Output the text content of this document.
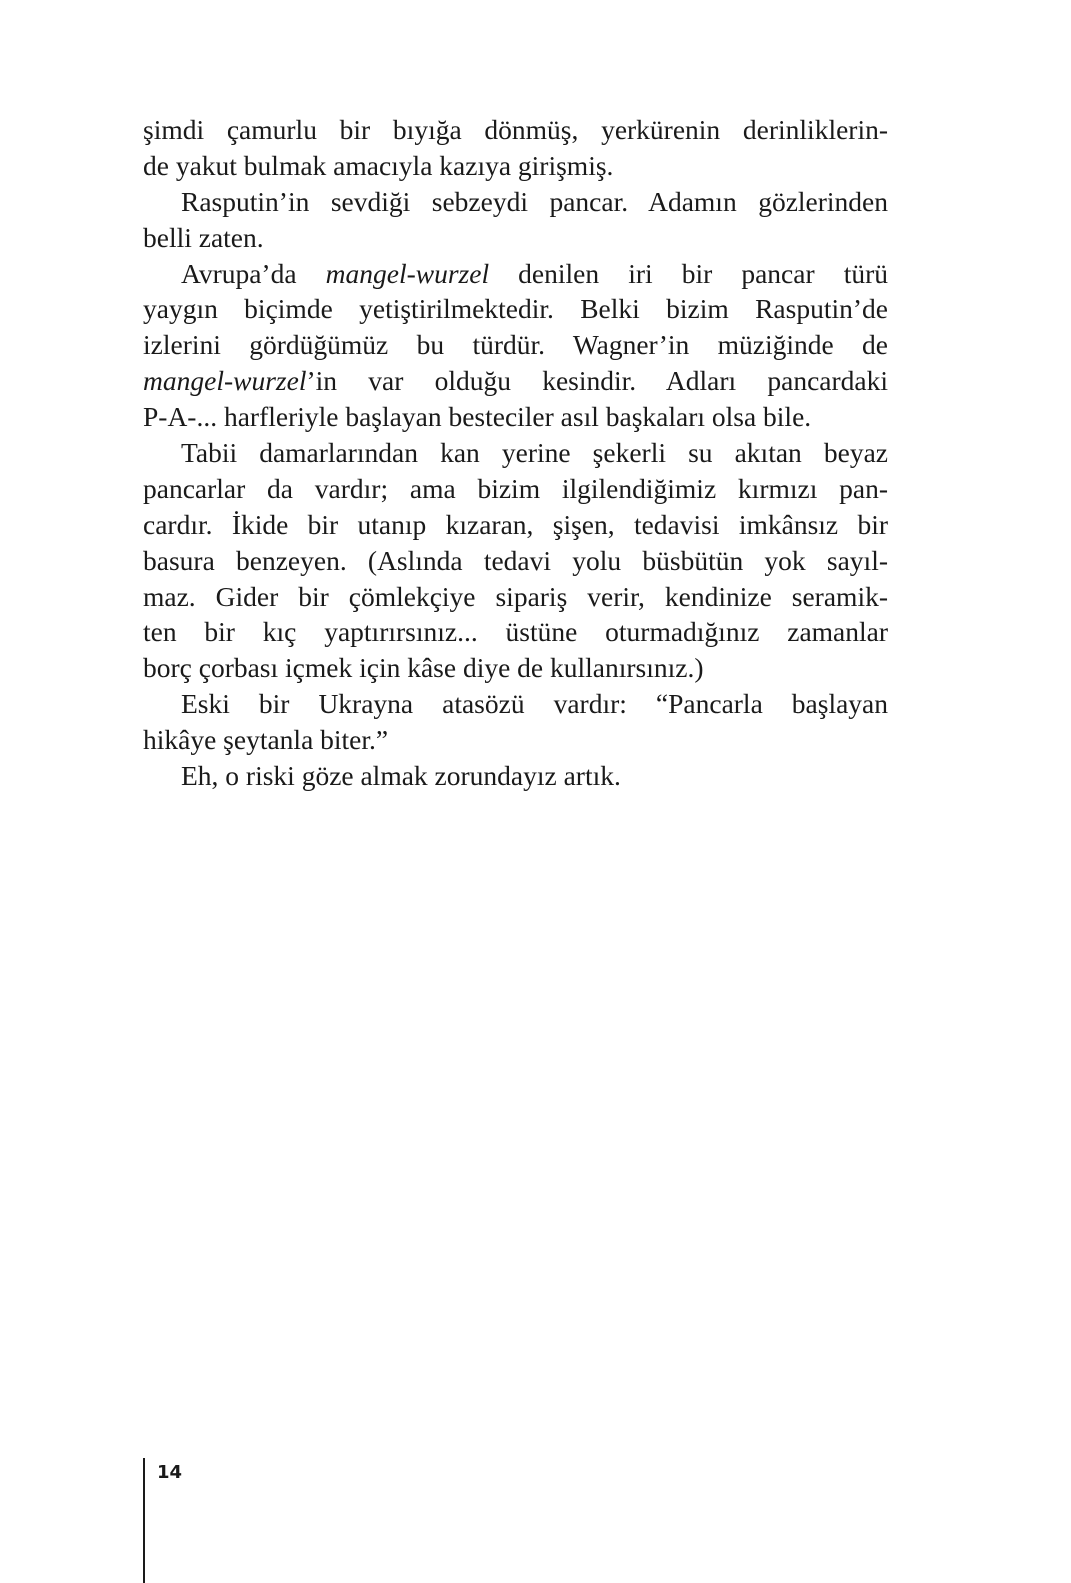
şimdi çamurlu bir bıyığa dönmüş, yerkürenin derinliklerin-
de yakut bulmak amacıyla kazıya girişmiş.
Rasputin’in sevdiği sebzeydi pancar. Adamın gözlerinden
belli zaten.
Avrupa’da mangel-wurzel denilen iri bir pancar türü
yaygın biçimde yetiştirilmektedir. Belki bizim Rasputin’de
izlerini gördüğümüz bu türdür. Wagner’in müziğinde de
mangel-wurzel’in var olduğu kesindir. Adları pancardaki
P-A-... harfleriyle başlayan besteciler asıl başkaları olsa bile.
Tabii damarlarından kan yerine şekerli su akıtan beyaz
pancarlar da vardır; ama bizim ilgilendiğimiz kırmızı pan-
cardır. İkide bir utanıp kızaran, şişen, tedavisi imkânsız bir
basura benzeyen. (Aslında tedavi yolu büsbütün yok sayıl-
maz. Gider bir çömlekçiye sipariş verir, kendinize seramik-
ten bir kıç yaptırırsınız... üstüne oturmadığınız zamanlar
borç çorbası içmek için kâse diye de kullanırsınız.)
Eski bir Ukrayna atasözü vardır: “Pancarla başlayan
hikâye şeytanla biter.”
Eh, o riski göze almak zorundayız artık.
14
